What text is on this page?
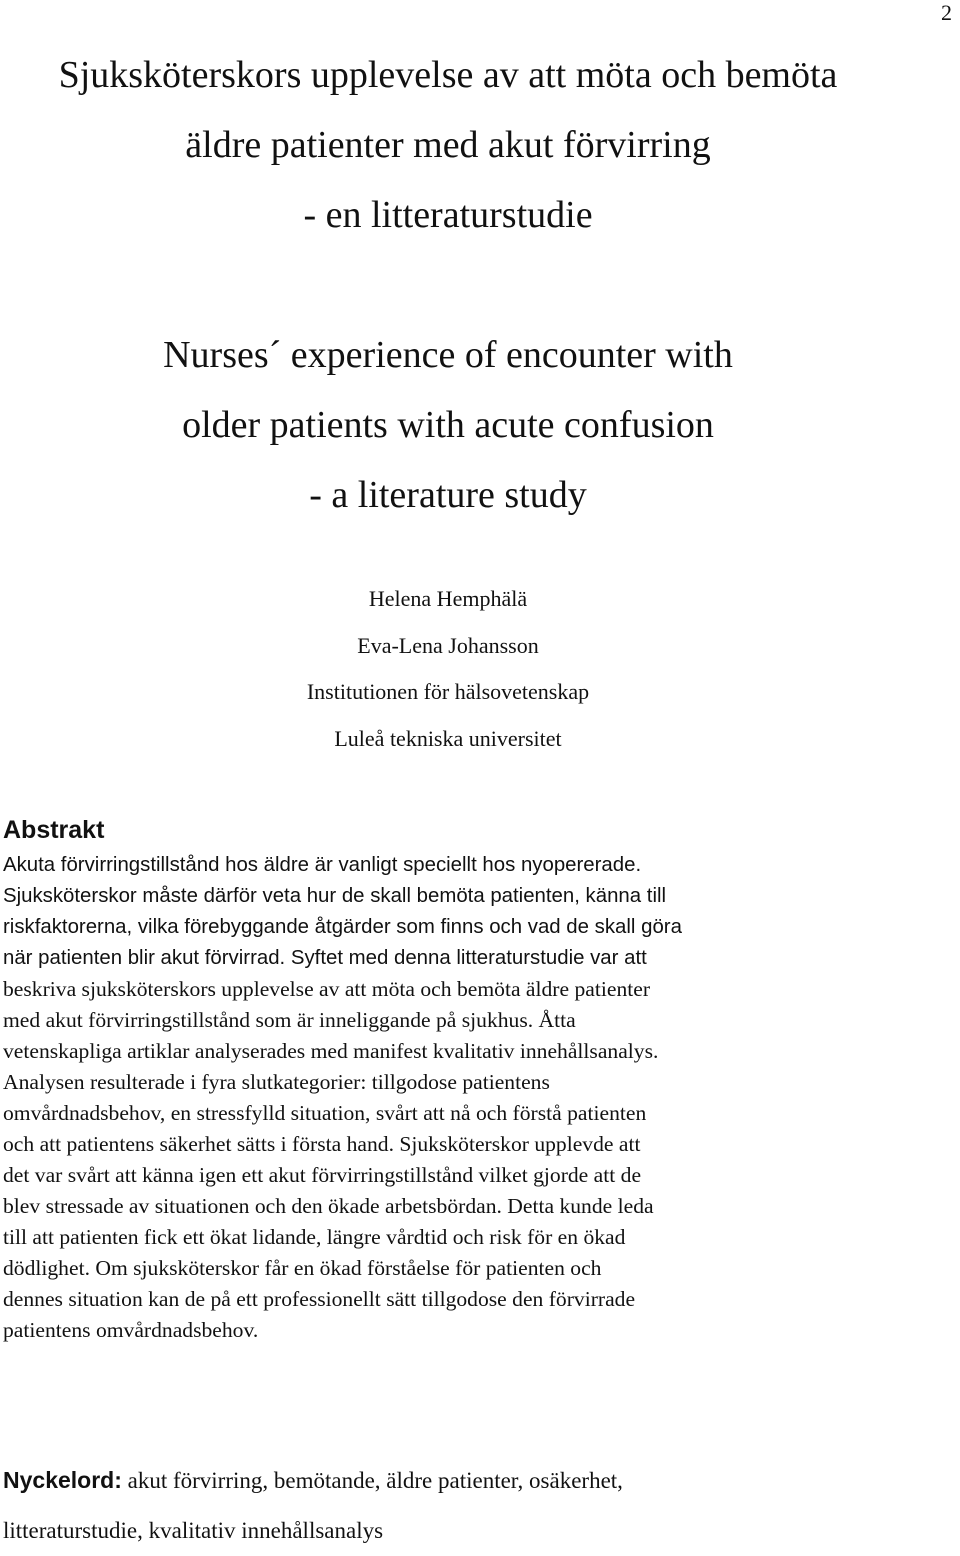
2
Sjuksköterskors upplevelse av att möta och bemöta
äldre patienter med akut förvirring
- en litteraturstudie
Nurses´ experience of encounter with
older patients with acute confusion
- a literature study
Helena Hemphälä
Eva-Lena Johansson
Institutionen för hälsovetenskap
Luleå tekniska universitet
Abstrakt
Akuta förvirringstillstånd hos äldre är vanligt speciellt hos nyopererade.
Sjuksköterskor måste därför veta hur de skall bemöta patienten, känna till
riskfaktorerna, vilka förebyggande åtgärder som finns och vad de skall göra
när patienten blir akut förvirrad. Syftet med denna litteraturstudie var att
beskriva sjuksköterskors upplevelse av att möta och bemöta äldre patienter
med akut förvirringstillstånd som är inneliggande på sjukhus. Åtta
vetenskapliga artiklar analyserades med manifest kvalitativ innehållsanalys.
Analysen resulterade i fyra slutkategorier: tillgodose patientens
omvårdnadsbehov, en stressfylld situation, svårt att nå och förstå patienten
och att patientens säkerhet sätts i första hand. Sjuksköterskor upplevde att
det var svårt att känna igen ett akut förvirringstillstånd vilket gjorde att de
blev stressade av situationen och den ökade arbetsbördan. Detta kunde leda
till att patienten fick ett ökat lidande, längre vårdtid och risk för en ökad
dödlighet. Om sjuksköterskor får en ökad förståelse för patienten och
dennes situation kan de på ett professionellt sätt tillgodose den förvirrade
patientens omvårdnadsbehov.
Nyckelord: akut förvirring, bemötande, äldre patienter, osäkerhet,
litteraturstudie, kvalitativ innehållsanalys
